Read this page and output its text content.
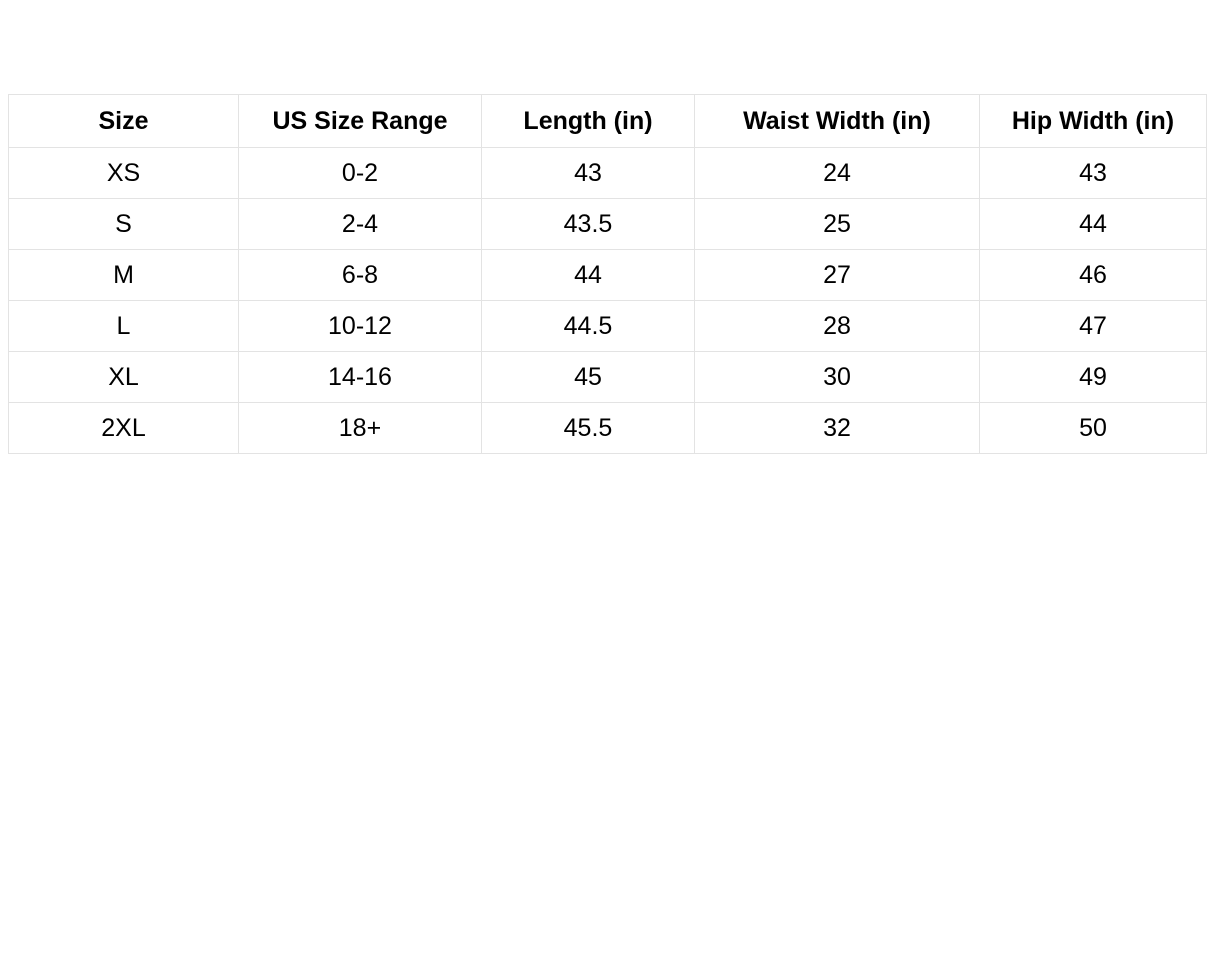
Size	US Size Range	Length (in)	Waist Width (in)	Hip Width (in)
XS	0-2	43	24	43
S	2-4	43.5	25	44
M	6-8	44	27	46
L	10-12	44.5	28	47
XL	14-16	45	30	49
2XL	18+	45.5	32	50
